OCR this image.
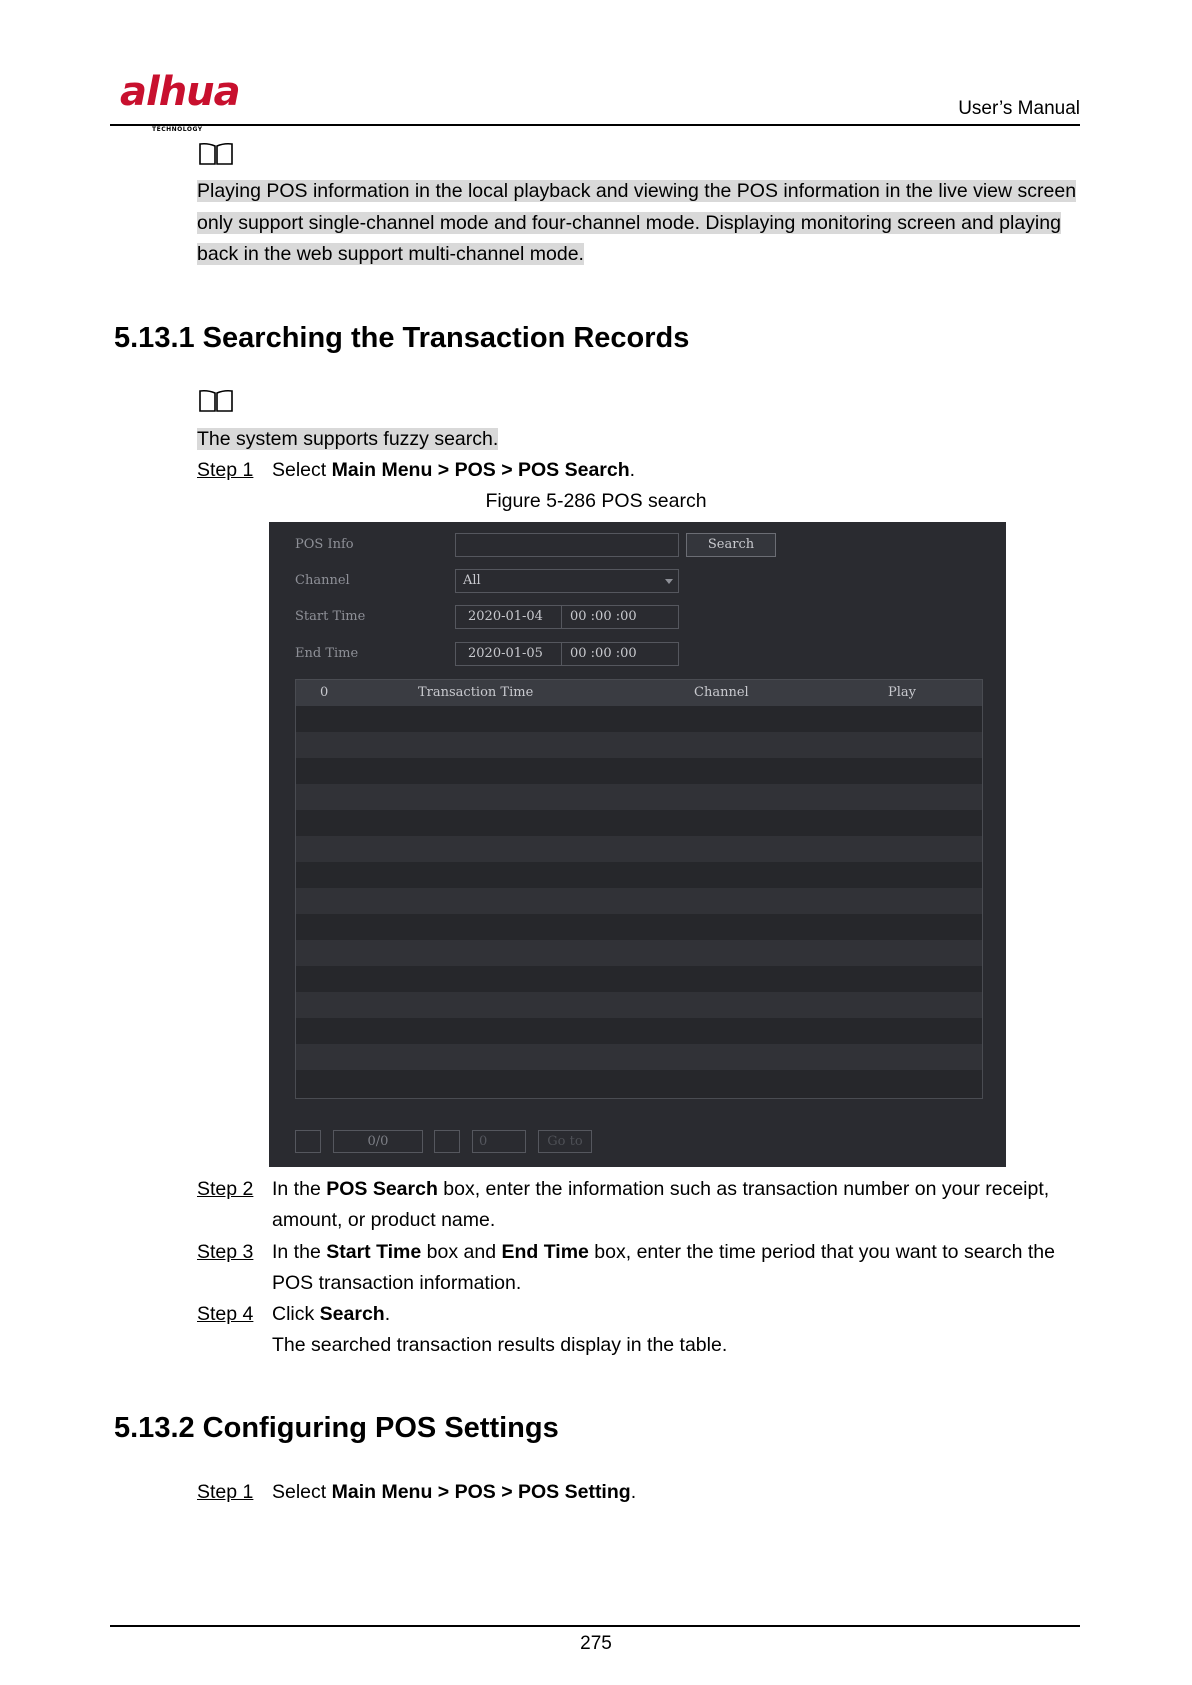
alhua
TECHNOLOGY
User’s Manual
Playing POS information in the local playback and viewing the POS information in the live view screen only support single-channel mode and four-channel mode. Displaying monitoring screen and playing back in the web support multi-channel mode.
5.13.1 Searching the Transaction Records
The system supports fuzzy search.
Step 1 Select Main Menu > POS > POS Search.
Figure 5-286 POS search
POS Info	Search
Channel	All
Start Time	2020-01-04 00 :00 :00
End Time	2020-01-05 00 :00 :00
0	Transaction Time	Channel	Play
0/0	0	Go to
Step 2 In the POS Search box, enter the information such as transaction number on your receipt,
amount, or product name.
Step 3 In the Start Time box and End Time box, enter the time period that you want to search the
POS transaction information.
Step 4 Click Search.
The searched transaction results display in the table.
5.13.2 Configuring POS Settings
Step 1 Select Main Menu > POS > POS Setting.
275
